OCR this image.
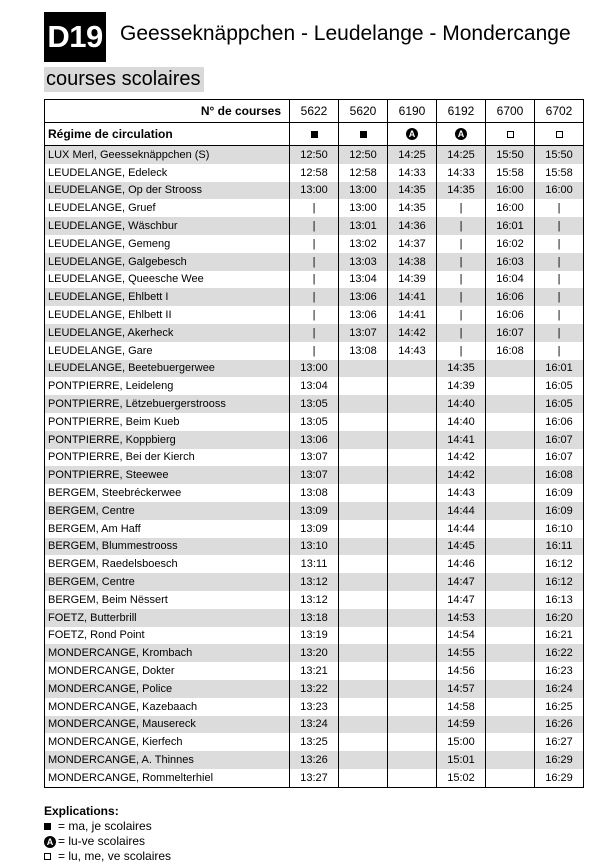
D19 Geesseknäppchen - Leudelange - Mondercange
courses scolaires
N° de courses	5622	5620	6190	6192	6700	6702
Régime de circulation			A	A		
LUX Merl, Geesseknäppchen (S)	12:50	12:50	14:25	14:25	15:50	15:50
LEUDELANGE, Edeleck	12:58	12:58	14:33	14:33	15:58	15:58
LEUDELANGE, Op der Strooss	13:00	13:00	14:35	14:35	16:00	16:00
LEUDELANGE, Gruef	|	13:00	14:35	|	16:00	|
LEUDELANGE, Wäschbur	|	13:01	14:36	|	16:01	|
LEUDELANGE, Gemeng	|	13:02	14:37	|	16:02	|
LEUDELANGE, Galgebesch	|	13:03	14:38	|	16:03	|
LEUDELANGE, Queesche Wee	|	13:04	14:39	|	16:04	|
LEUDELANGE, Ehlbett I	|	13:06	14:41	|	16:06	|
LEUDELANGE, Ehlbett II	|	13:06	14:41	|	16:06	|
LEUDELANGE, Akerheck	|	13:07	14:42	|	16:07	|
LEUDELANGE, Gare	|	13:08	14:43	|	16:08	|
LEUDELANGE, Beetebuergerwee	13:00			14:35		16:01
PONTPIERRE, Leideleng	13:04			14:39		16:05
PONTPIERRE, Lëtzebuergerstrooss	13:05			14:40		16:05
PONTPIERRE, Beim Kueb	13:05			14:40		16:06
PONTPIERRE, Koppbierg	13:06			14:41		16:07
PONTPIERRE, Bei der Kierch	13:07			14:42		16:07
PONTPIERRE, Steewee	13:07			14:42		16:08
BERGEM, Steebréckerwee	13:08			14:43		16:09
BERGEM, Centre	13:09			14:44		16:09
BERGEM, Am Haff	13:09			14:44		16:10
BERGEM, Blummestrooss	13:10			14:45		16:11
BERGEM, Raedelsboesch	13:11			14:46		16:12
BERGEM, Centre	13:12			14:47		16:12
BERGEM, Beim Nëssert	13:12			14:47		16:13
FOETZ, Butterbrill	13:18			14:53		16:20
FOETZ, Rond Point	13:19			14:54		16:21
MONDERCANGE, Krombach	13:20			14:55		16:22
MONDERCANGE, Dokter	13:21			14:56		16:23
MONDERCANGE, Police	13:22			14:57		16:24
MONDERCANGE, Kazebaach	13:23			14:58		16:25
MONDERCANGE, Mausereck	13:24			14:59		16:26
MONDERCANGE, Kierfech	13:25			15:00		16:27
MONDERCANGE, A. Thinnes	13:26			15:01		16:29
MONDERCANGE, Rommelterhiel	13:27			15:02		16:29
Explications:
= ma, je scolaires
A = lu-ve scolaires
= lu, me, ve scolaires
